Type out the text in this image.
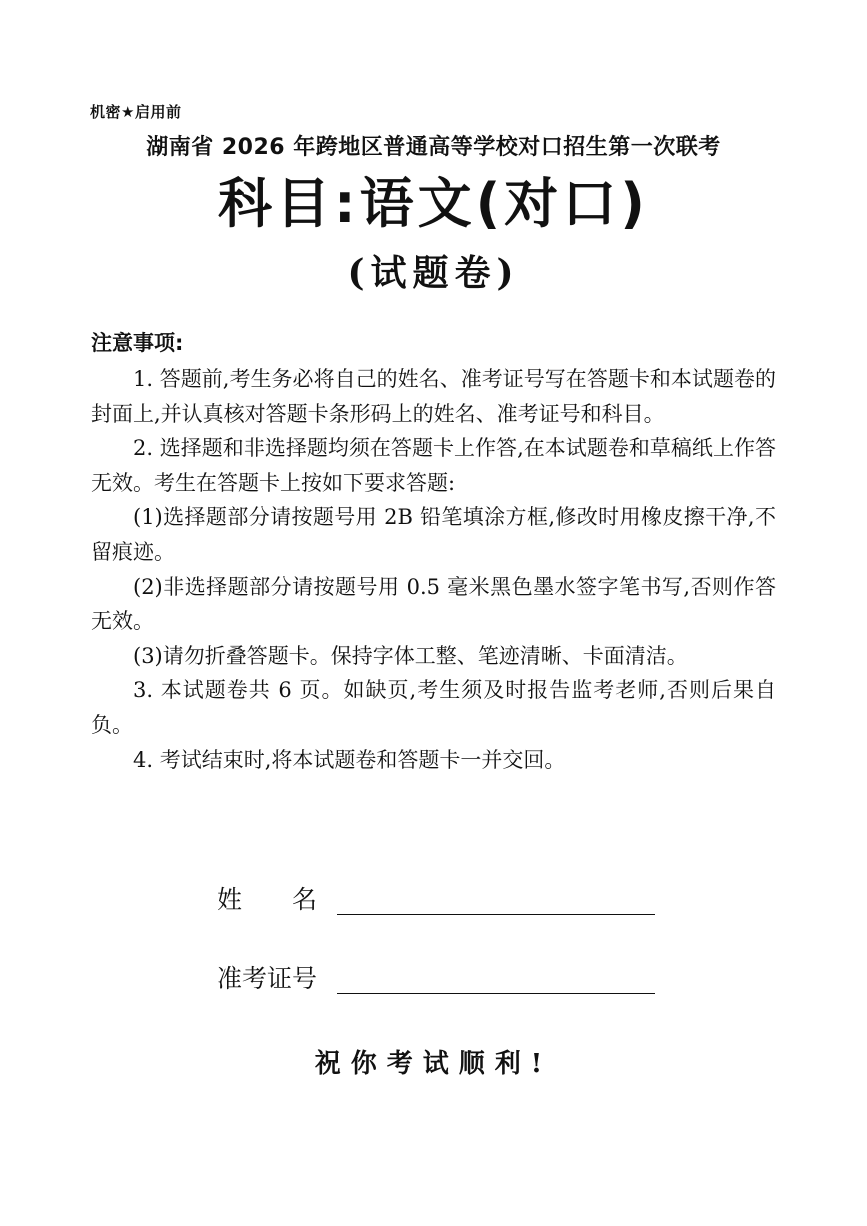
机密★启用前
湖南省 2026 年跨地区普通高等学校对口招生第一次联考
科目:语文(对口)
(试题卷)
注意事项:

1. 答题前,考生务必将自己的姓名、准考证号写在答题卡和本试题卷的封面上,并认真核对答题卡条形码上的姓名、准考证号和科目。

2. 选择题和非选择题均须在答题卡上作答,在本试题卷和草稿纸上作答无效。考生在答题卡上按如下要求答题:

(1)选择题部分请按题号用 2B 铅笔填涂方框,修改时用橡皮擦干净,不留痕迹。

(2)非选择题部分请按题号用 0.5 毫米黑色墨水签字笔书写,否则作答无效。

(3)请勿折叠答题卡。保持字体工整、笔迹清晰、卡面清洁。

3. 本试题卷共 6 页。如缺页,考生须及时报告监考老师,否则后果自负。

4. 考试结束时,将本试题卷和答题卡一并交回。

姓　　名
准考证号
祝你考试顺利!
